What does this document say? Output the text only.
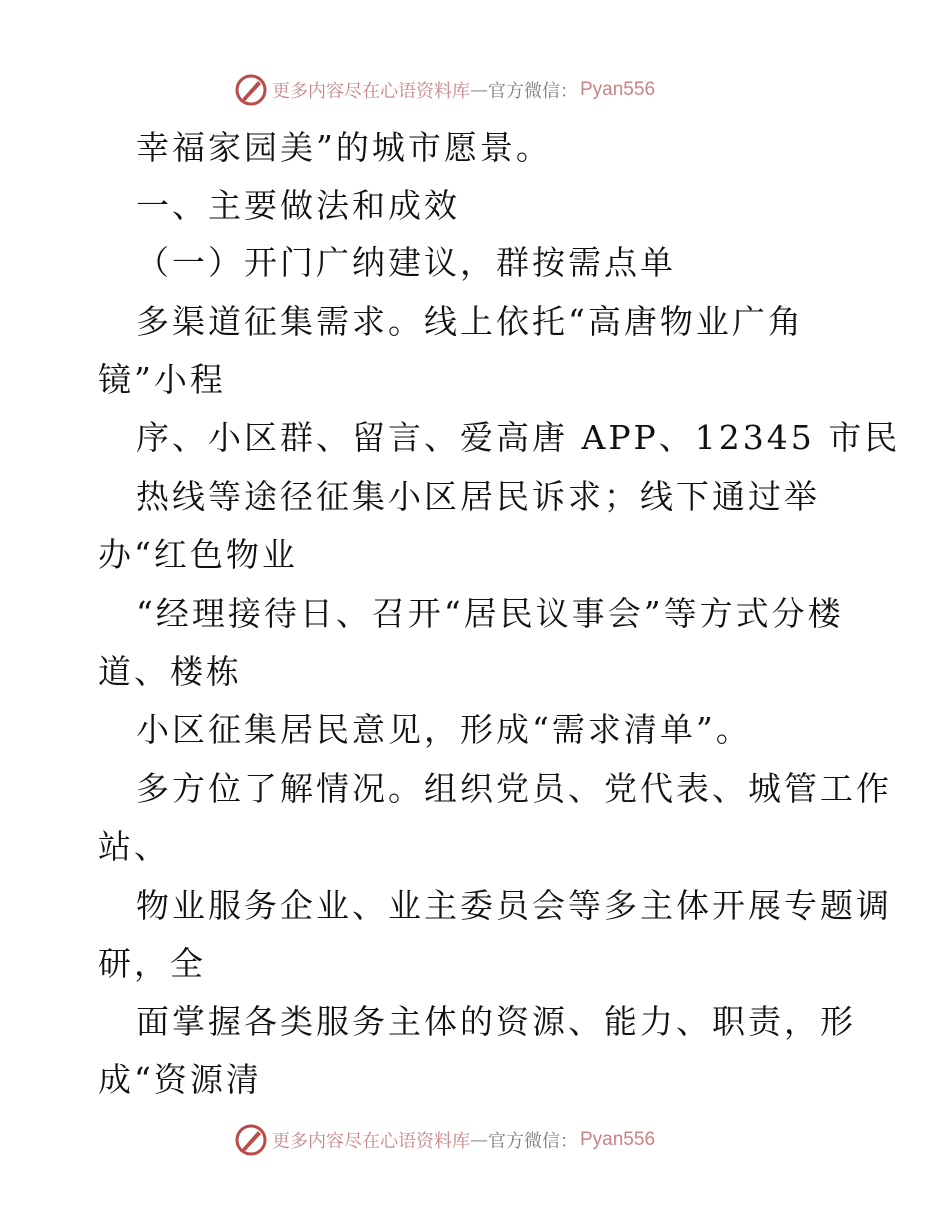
更多内容尽在心语资料库 — 官方微信： Pyan556
幸福家园美”的城市愿景。
一、主要做法和成效
（一）开门广纳建议，群按需点单
多渠道征集需求。线上依托“高唐物业广角
镜”小程
序、小区群、留言、爱高唐 APP、12345 市民
热线等途径征集小区居民诉求；线下通过举
办“红色物业
“经理接待日、召开“居民议事会”等方式分楼
道、楼栋
小区征集居民意见，形成“需求清单”。
多方位了解情况。组织党员、党代表、城管工作
站、
物业服务企业、业主委员会等多主体开展专题调
研，全
面掌握各类服务主体的资源、能力、职责，形
成“资源清
更多内容尽在心语资料库 — 官方微信： Pyan556
